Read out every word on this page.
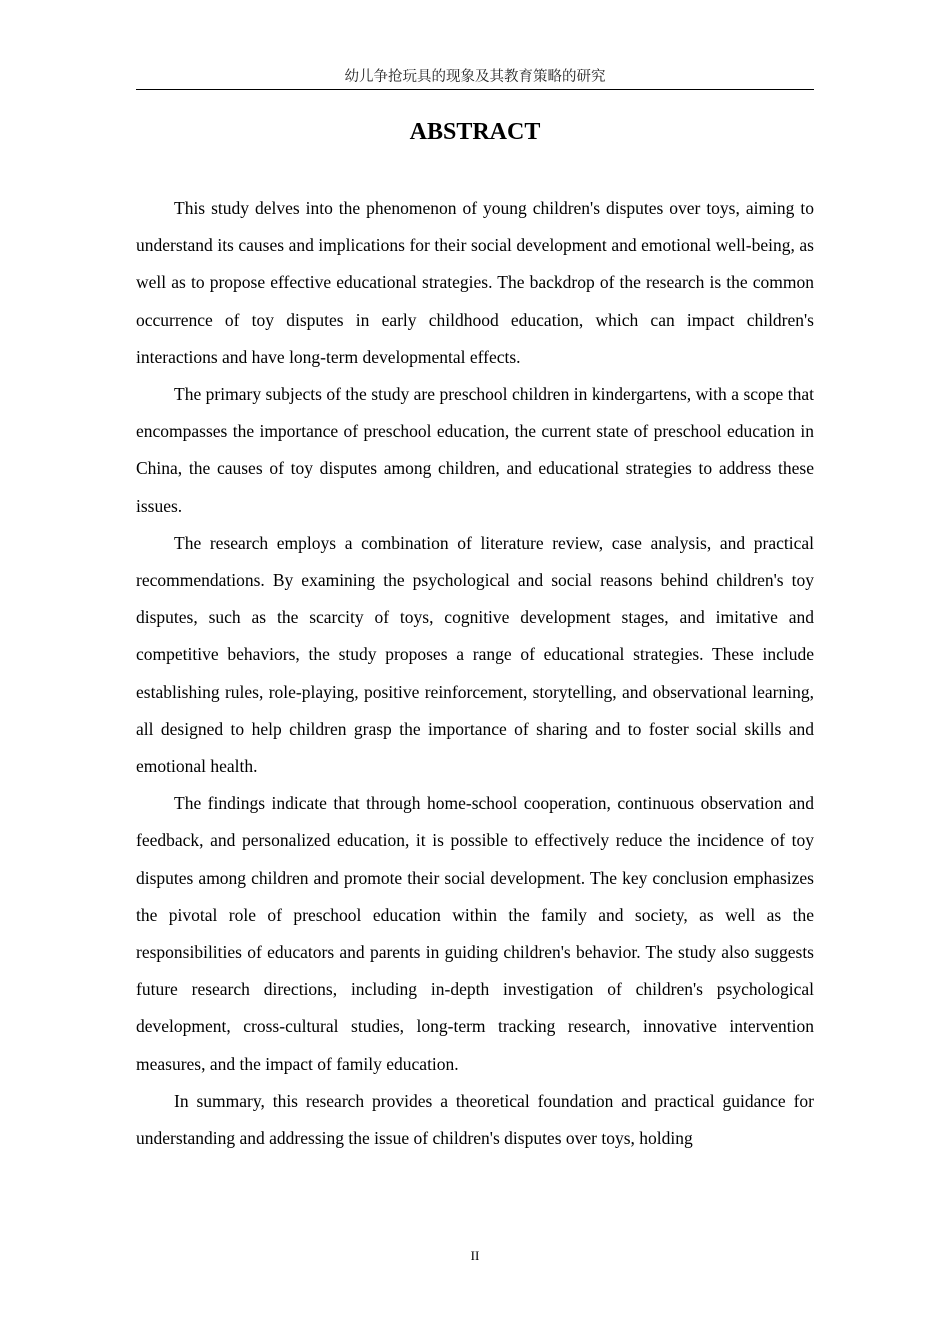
幼儿争抢玩具的现象及其教育策略的研究
ABSTRACT

This study delves into the phenomenon of young children's disputes over toys, aiming to understand its causes and implications for their social development and emotional well-being, as well as to propose effective educational strategies. The backdrop of the research is the common occurrence of toy disputes in early childhood education, which can impact children's interactions and have long-term developmental effects.

The primary subjects of the study are preschool children in kindergartens, with a scope that encompasses the importance of preschool education, the current state of preschool education in China, the causes of toy disputes among children, and educational strategies to address these issues.

The research employs a combination of literature review, case analysis, and practical recommendations. By examining the psychological and social reasons behind children's toy disputes, such as the scarcity of toys, cognitive development stages, and imitative and competitive behaviors, the study proposes a range of educational strategies. These include establishing rules, role-playing, positive reinforcement, storytelling, and observational learning, all designed to help children grasp the importance of sharing and to foster social skills and emotional health.

The findings indicate that through home-school cooperation, continuous observation and feedback, and personalized education, it is possible to effectively reduce the incidence of toy disputes among children and promote their social development. The key conclusion emphasizes the pivotal role of preschool education within the family and society, as well as the responsibilities of educators and parents in guiding children's behavior. The study also suggests future research directions, including in-depth investigation of children's psychological development, cross-cultural studies, long-term tracking research, innovative intervention measures, and the impact of family education.

In summary, this research provides a theoretical foundation and practical guidance for understanding and addressing the issue of children's disputes over toys, holding

II
